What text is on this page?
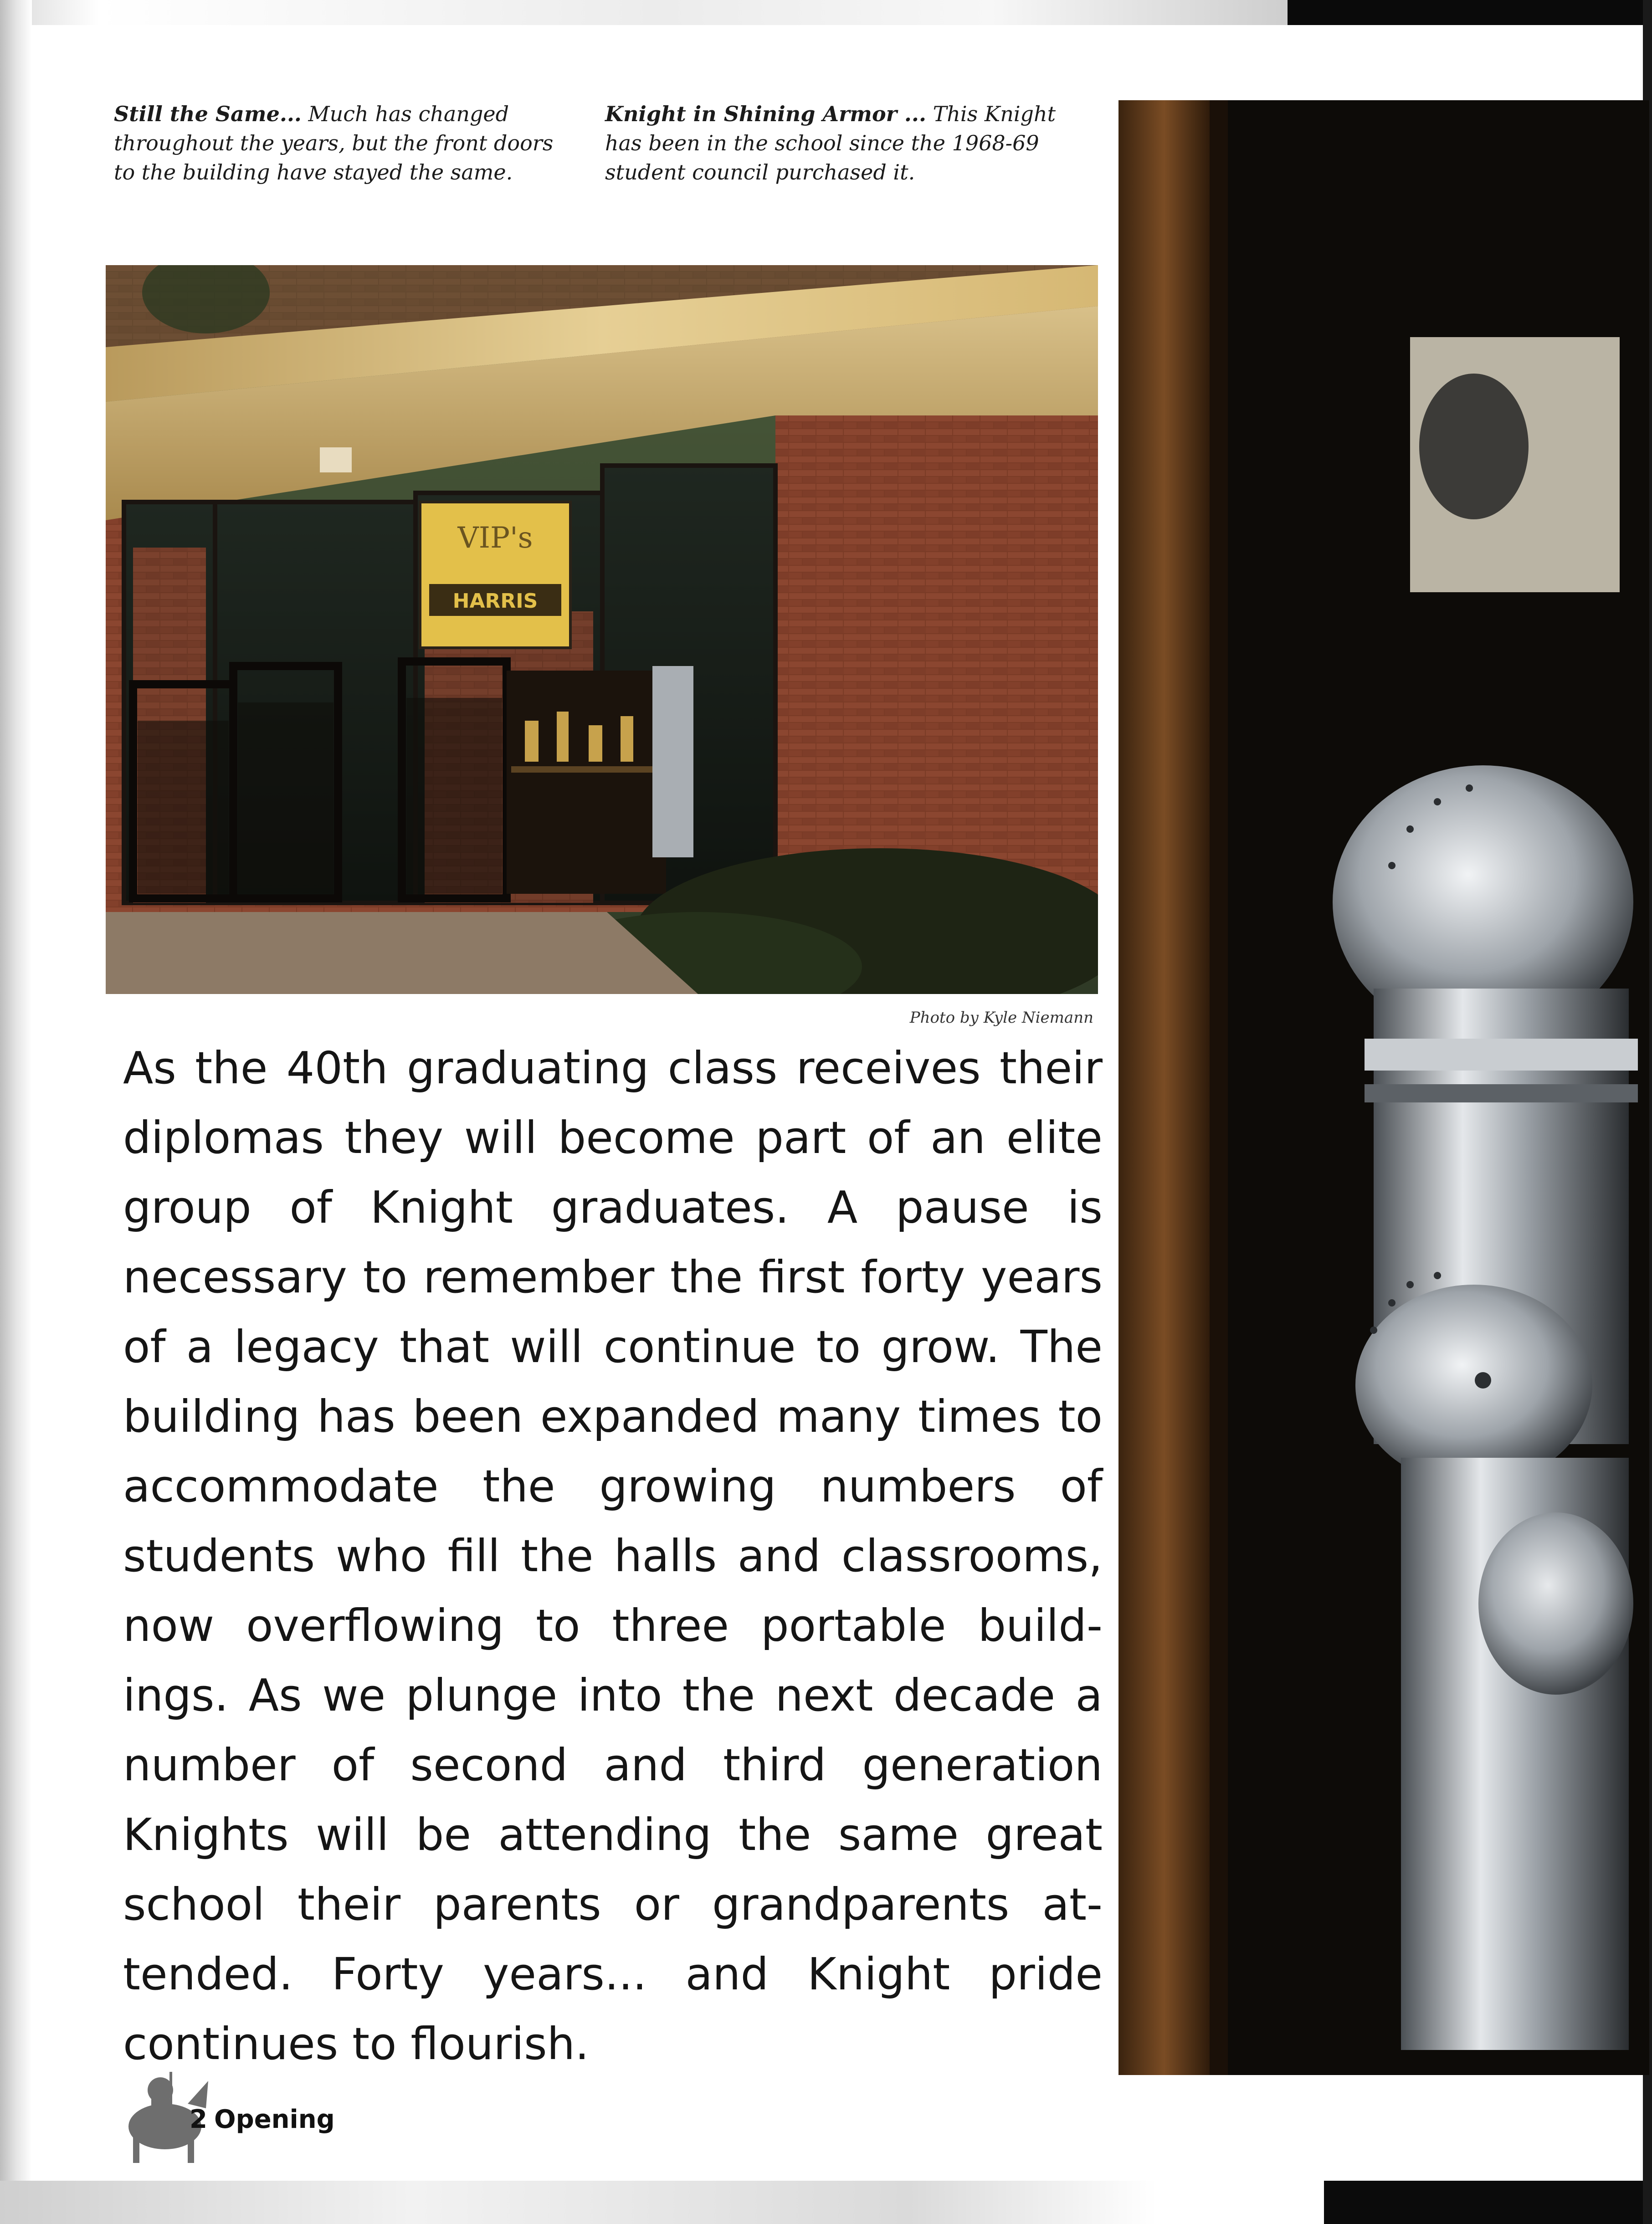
Still the Same... Much has changed throughout the years, but the front doors to the building have stayed the same.
Knight in Shining Armor ... This Knight has been in the school since the 1968-69 student council purchased it.
VIP's
HARRIS
Photo by Kyle Niemann
As the 40th graduating class receives their diplomas they will become part of an elite group of Knight graduates. A pause is necessary to remember the first forty years of a legacy that will continue to grow. The building has been expanded many times to accommodate the growing numbers of students who fill the halls and classrooms, now overflowing to three portable build-ings. As we plunge into the next decade a number of second and third generation Knights will be attending the same great school their parents or grandparents at-tended. Forty years... and Knight pride continues to flourish.
2 Opening
